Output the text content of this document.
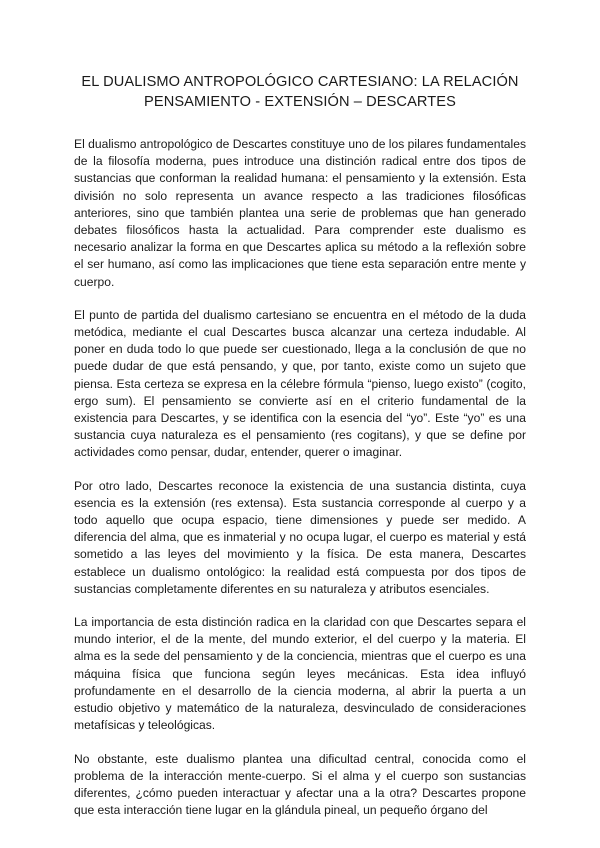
EL DUALISMO ANTROPOLÓGICO CARTESIANO: LA RELACIÓN
PENSAMIENTO - EXTENSIÓN – DESCARTES

El dualismo antropológico de Descartes constituye uno de los pilares fundamentales de la filosofía moderna, pues introduce una distinción radical entre dos tipos de sustancias que conforman la realidad humana: el pensamiento y la extensión. Esta división no solo representa un avance respecto a las tradiciones filosóficas anteriores, sino que también plantea una serie de problemas que han generado debates filosóficos hasta la actualidad. Para comprender este dualismo es necesario analizar la forma en que Descartes aplica su método a la reflexión sobre el ser humano, así como las implicaciones que tiene esta separación entre mente y cuerpo.

El punto de partida del dualismo cartesiano se encuentra en el método de la duda metódica, mediante el cual Descartes busca alcanzar una certeza indudable. Al poner en duda todo lo que puede ser cuestionado, llega a la conclusión de que no puede dudar de que está pensando, y que, por tanto, existe como un sujeto que piensa. Esta certeza se expresa en la célebre fórmula “pienso, luego existo” (cogito, ergo sum). El pensamiento se convierte así en el criterio fundamental de la existencia para Descartes, y se identifica con la esencia del “yo”. Este “yo” es una sustancia cuya naturaleza es el pensamiento (res cogitans), y que se define por actividades como pensar, dudar, entender, querer o imaginar.

Por otro lado, Descartes reconoce la existencia de una sustancia distinta, cuya esencia es la extensión (res extensa). Esta sustancia corresponde al cuerpo y a todo aquello que ocupa espacio, tiene dimensiones y puede ser medido. A diferencia del alma, que es inmaterial y no ocupa lugar, el cuerpo es material y está sometido a las leyes del movimiento y la física. De esta manera, Descartes establece un dualismo ontológico: la realidad está compuesta por dos tipos de sustancias completamente diferentes en su naturaleza y atributos esenciales.

La importancia de esta distinción radica en la claridad con que Descartes separa el mundo interior, el de la mente, del mundo exterior, el del cuerpo y la materia. El alma es la sede del pensamiento y de la conciencia, mientras que el cuerpo es una máquina física que funciona según leyes mecánicas. Esta idea influyó profundamente en el desarrollo de la ciencia moderna, al abrir la puerta a un estudio objetivo y matemático de la naturaleza, desvinculado de consideraciones metafísicas y teleológicas.

No obstante, este dualismo plantea una dificultad central, conocida como el problema de la interacción mente-cuerpo. Si el alma y el cuerpo son sustancias diferentes, ¿cómo pueden interactuar y afectar una a la otra? Descartes propone que esta interacción tiene lugar en la glándula pineal, un pequeño órgano del
